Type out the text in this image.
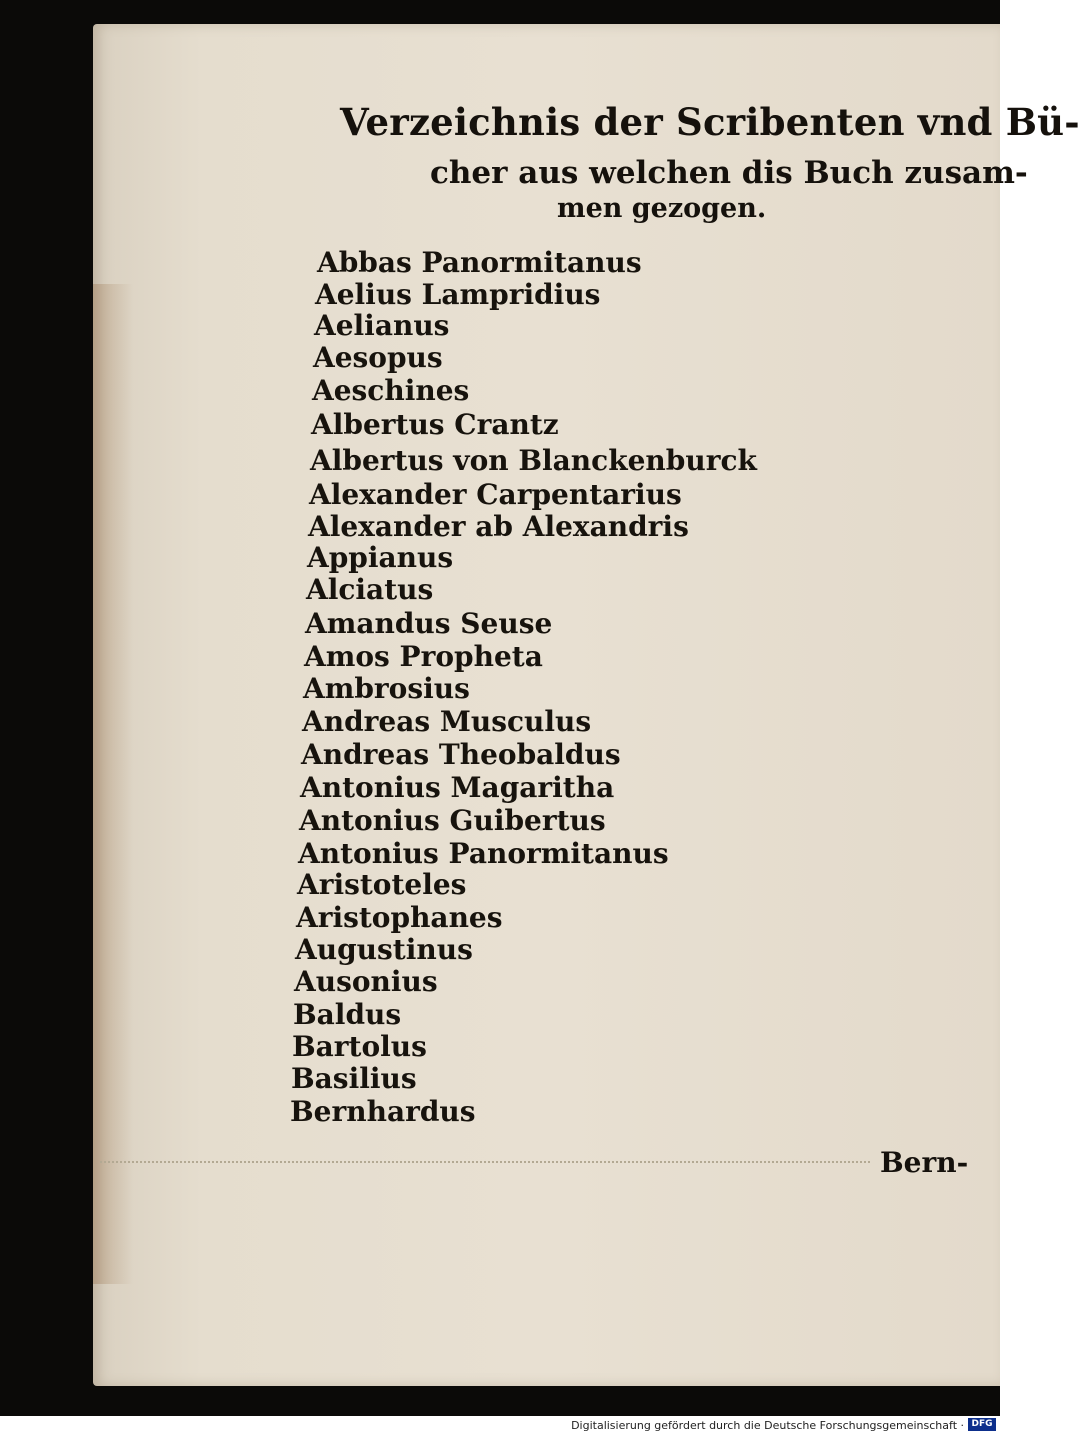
Verzeichnis der Scribenten vnd Bü-
cher aus welchen dis Buch zusam-
men gezogen.
Abbas Panormitanus
Aelius Lampridius
Aelianus
Aesopus
Aeschines
Albertus Crantz
Albertus von Blanckenburck
Alexander Carpentarius
Alexander ab Alexandris
Appianus
Alciatus
Amandus Seuse
Amos Propheta
Ambrosius
Andreas Musculus
Andreas Theobaldus
Antonius Magaritha
Antonius Guibertus
Antonius Panormitanus
Aristoteles
Aristophanes
Augustinus
Ausonius
Baldus
Bartolus
Basilius
Bernhardus
Bern-
Digitalisierung gefördert durch die Deutsche Forschungsgemeinschaft · DFG
